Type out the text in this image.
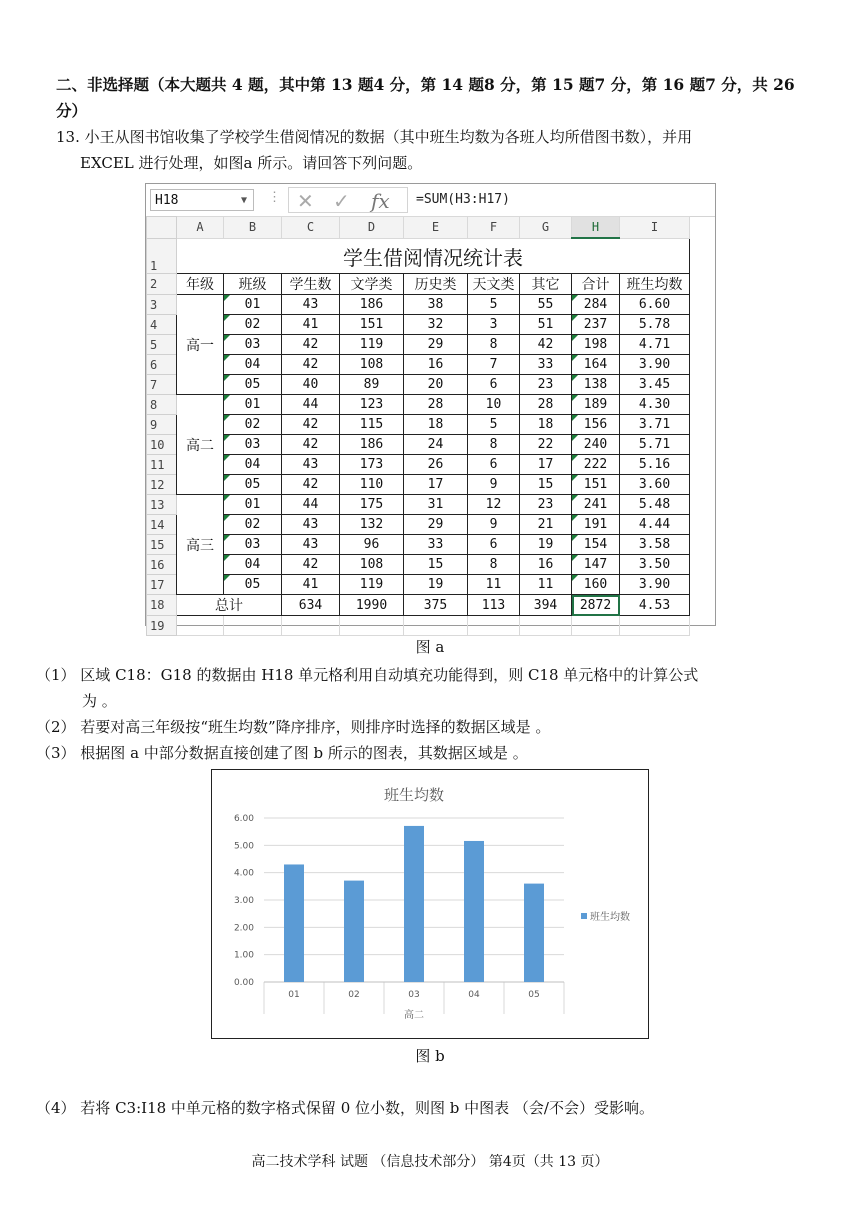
二、非选择题（本大题共 4 题，其中第 13 题4 分，第 14 题8 分，第 15 题7 分，第 16 题7 分，共 26 分）
13. 小王从图书馆收集了学校学生借阅情况的数据（其中班生均数为各班人均所借图书数），并用
EXCEL 进行处理，如图a 所示。请回答下列问题。
H18	▼ ⋮ ✕ ✓ fx =SUM(H3:H17)
	A	B	C	D	E	F	G	H	I
1	学生借阅情况统计表								
2	年级	班级	学生数	文学类	历史类	天文类	其它	合计	班生均数
3	高一	01	43	186	38	5	55	284	6.60
4		02	41	151	32	3	51	237	5.78
5		03	42	119	29	8	42	198	4.71
6		04	42	108	16	7	33	164	3.90
7		05	40	89	20	6	23	138	3.45
8	高二	01	44	123	28	10	28	189	4.30
9		02	42	115	18	5	18	156	3.71
10		03	42	186	24	8	22	240	5.71
11		04	43	173	26	6	17	222	5.16
12		05	42	110	17	9	15	151	3.60
13	高三	01	44	175	31	12	23	241	5.48
14		02	43	132	29	9	21	191	4.44
15		03	43	96	33	6	19	154	3.58
16		04	42	108	15	8	16	147	3.50
17		05	41	119	19	11	11	160	3.90
18	总计		634	1990	375	113	394	2872	4.53
19									
图 a
（1） 区域 C18：G18 的数据由 H18 单元格利用自动填充功能得到，则 C18 单元格中的计算公式
为 。
（2） 若要对高三年级按“班生均数”降序排序，则排序时选择的数据区域是 。
（3） 根据图 a 中部分数据直接创建了图 b 所示的图表，其数据区域是 。
班生均数
0.00
1.00
2.00
3.00
4.00
5.00
6.00
01	02	03	04	05
高二
班生均数
图 b
（4） 若将 C3:I18 中单元格的数字格式保留 0 位小数，则图 b 中图表 （会/不会）受影响。
高二技术学科 试题 （信息技术部分） 第4页（共 13 页）
